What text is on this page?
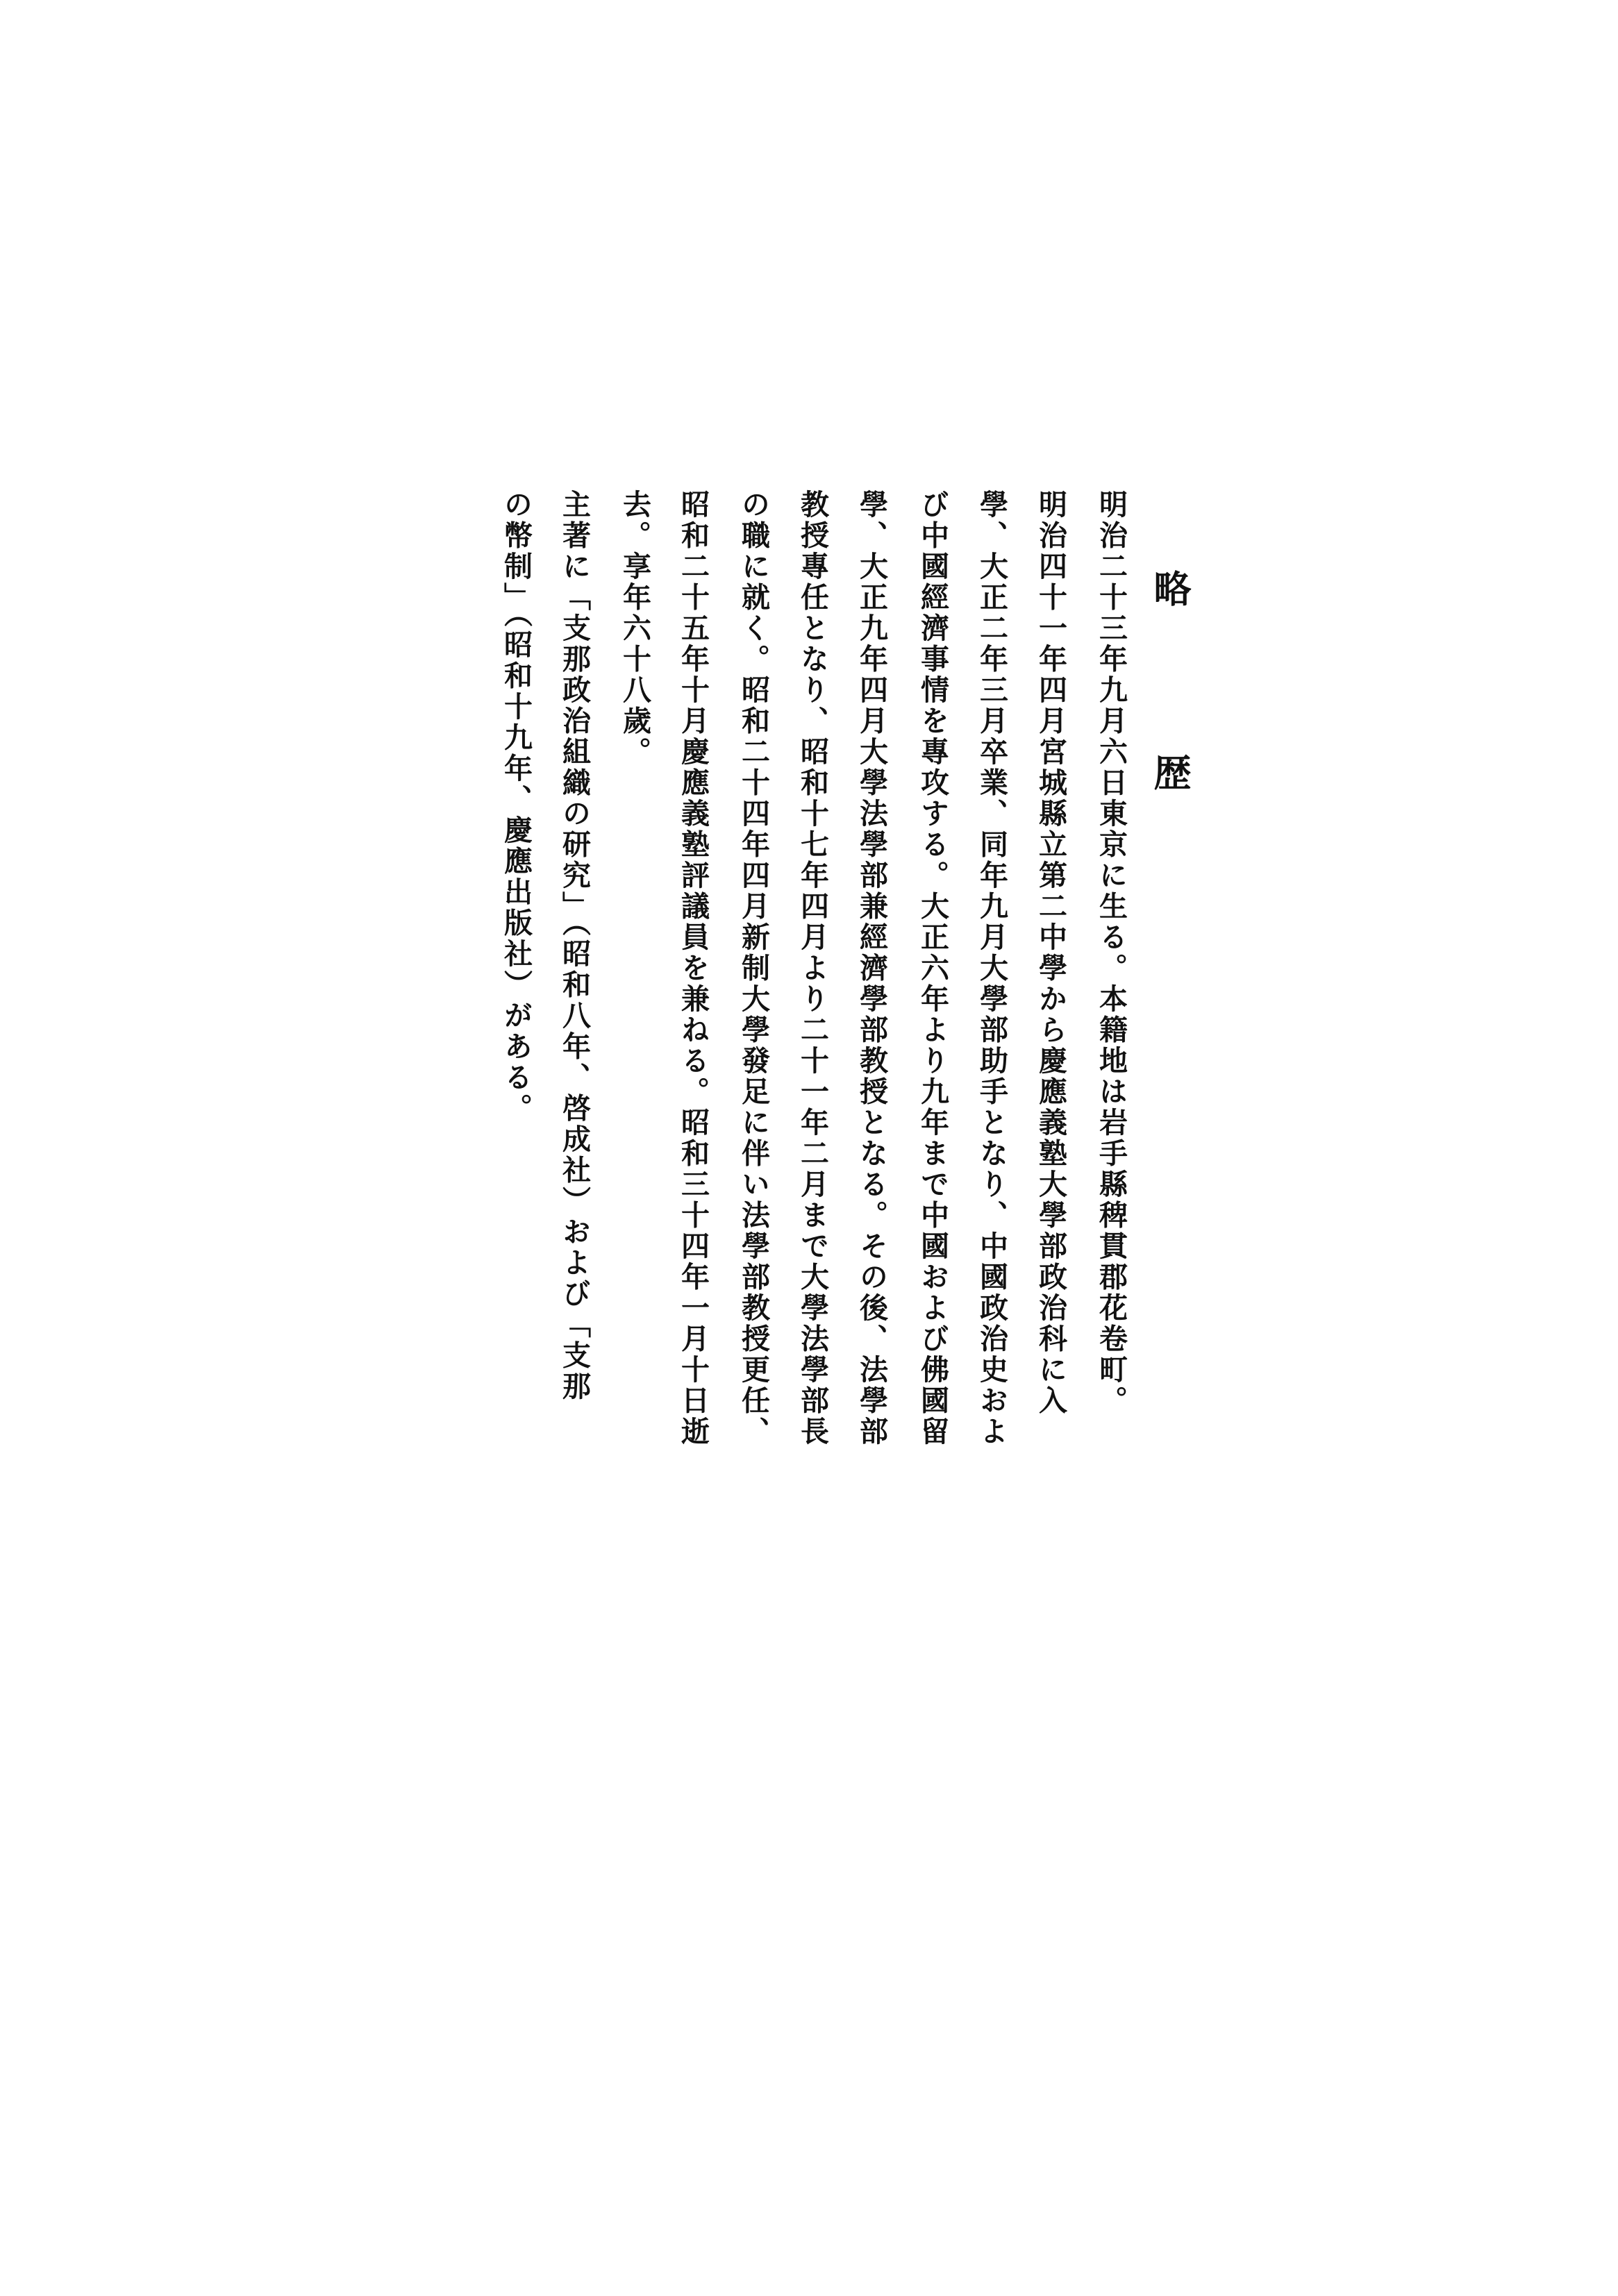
略 歴
明治二十三年九月六日東京に生る。本籍地は岩手縣稗貫郡花卷町。
明治四十一年四月宮城縣立第二中學から慶應義塾大學部政治科に入
學、大正二年三月卒業、同年九月大學部助手となり、中國政治史およ
び中國經濟事情を專攻する。大正六年より九年まで中國および佛國留
學、大正九年四月大學法學部兼經濟學部教授となる。その後、法學部
教授專任となり、昭和十七年四月より二十一年二月まで大學法學部長
の職に就く。昭和二十四年四月新制大學發足に伴い法學部教授更任、
昭和二十五年十月慶應義塾評議員を兼ねる。昭和三十四年一月十日逝
去。享年六十八歲。
主著に「支那政治組織の研究」（昭和八年、啓成社）および「支那
の幣制」（昭和十九年、慶應出版社）がある。
